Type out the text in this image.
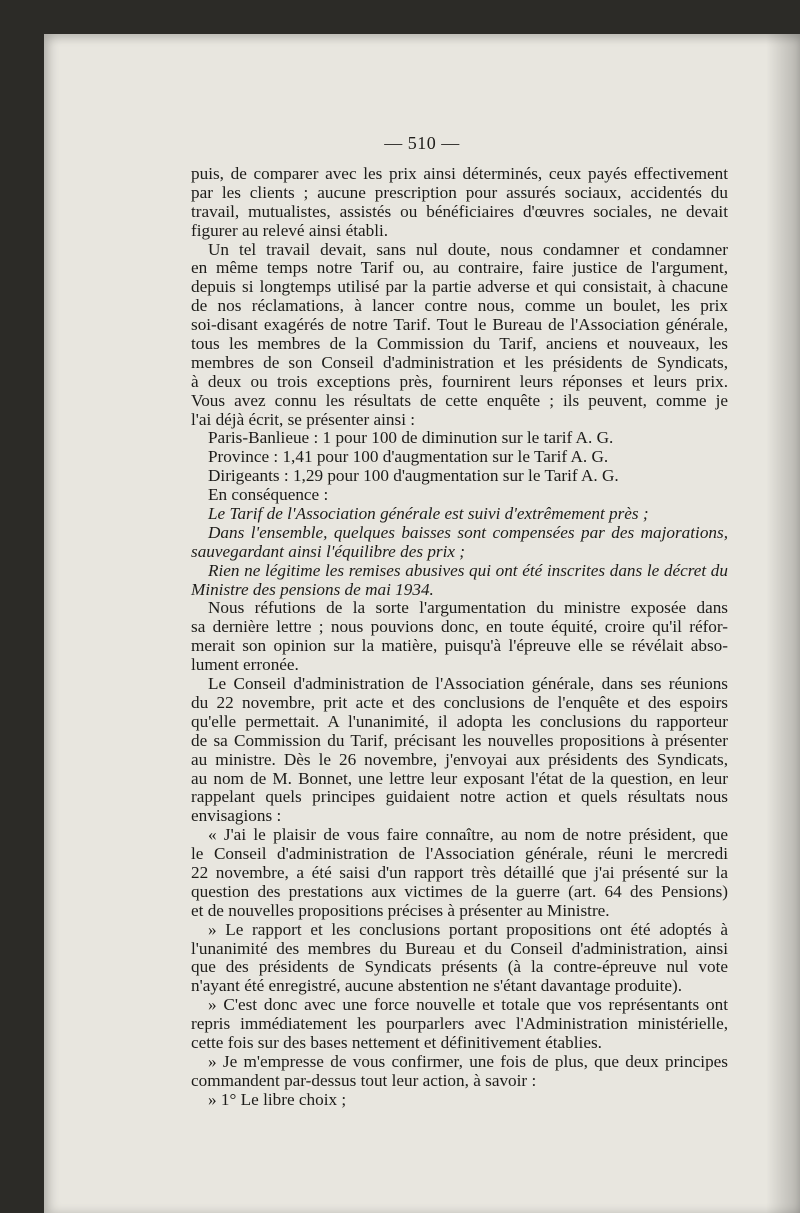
— 510 —
puis, de comparer avec les prix ainsi déterminés, ceux payés effectivement
par les clients ; aucune prescription pour assurés sociaux, accidentés du
travail, mutualistes, assistés ou bénéficiaires d'œuvres sociales, ne devait
figurer au relevé ainsi établi.
Un tel travail devait, sans nul doute, nous condamner et condamner
en même temps notre Tarif ou, au contraire, faire justice de l'argument,
depuis si longtemps utilisé par la partie adverse et qui consistait, à chacune
de nos réclamations, à lancer contre nous, comme un boulet, les prix
soi-disant exagérés de notre Tarif. Tout le Bureau de l'Association générale,
tous les membres de la Commission du Tarif, anciens et nouveaux, les
membres de son Conseil d'administration et les présidents de Syndicats,
à deux ou trois exceptions près, fournirent leurs réponses et leurs prix.
Vous avez connu les résultats de cette enquête ; ils peuvent, comme je
l'ai déjà écrit, se présenter ainsi :
Paris-Banlieue : 1 pour 100 de diminution sur le tarif A. G.
Province : 1,41 pour 100 d'augmentation sur le Tarif A. G.
Dirigeants : 1,29 pour 100 d'augmentation sur le Tarif A. G.
En conséquence :
Le Tarif de l'Association générale est suivi d'extrêmement près ;
Dans l'ensemble, quelques baisses sont compensées par des majorations,
sauvegardant ainsi l'équilibre des prix ;
Rien ne légitime les remises abusives qui ont été inscrites dans le décret du
Ministre des pensions de mai 1934.
Nous réfutions de la sorte l'argumentation du ministre exposée dans
sa dernière lettre ; nous pouvions donc, en toute équité, croire qu'il réfor-
merait son opinion sur la matière, puisqu'à l'épreuve elle se révélait abso-
lument erronée.
Le Conseil d'administration de l'Association générale, dans ses réunions
du 22 novembre, prit acte et des conclusions de l'enquête et des espoirs
qu'elle permettait. A l'unanimité, il adopta les conclusions du rapporteur
de sa Commission du Tarif, précisant les nouvelles propositions à présenter
au ministre. Dès le 26 novembre, j'envoyai aux présidents des Syndicats,
au nom de M. Bonnet, une lettre leur exposant l'état de la question, en leur
rappelant quels principes guidaient notre action et quels résultats nous
envisagions :
« J'ai le plaisir de vous faire connaître, au nom de notre président, que
le Conseil d'administration de l'Association générale, réuni le mercredi
22 novembre, a été saisi d'un rapport très détaillé que j'ai présenté sur la
question des prestations aux victimes de la guerre (art. 64 des Pensions)
et de nouvelles propositions précises à présenter au Ministre.
» Le rapport et les conclusions portant propositions ont été adoptés à
l'unanimité des membres du Bureau et du Conseil d'administration, ainsi
que des présidents de Syndicats présents (à la contre-épreuve nul vote
n'ayant été enregistré, aucune abstention ne s'étant davantage produite).
» C'est donc avec une force nouvelle et totale que vos représentants ont
repris immédiatement les pourparlers avec l'Administration ministérielle,
cette fois sur des bases nettement et définitivement établies.
» Je m'empresse de vous confirmer, une fois de plus, que deux principes
commandent par-dessus tout leur action, à savoir :
» 1° Le libre choix ;
